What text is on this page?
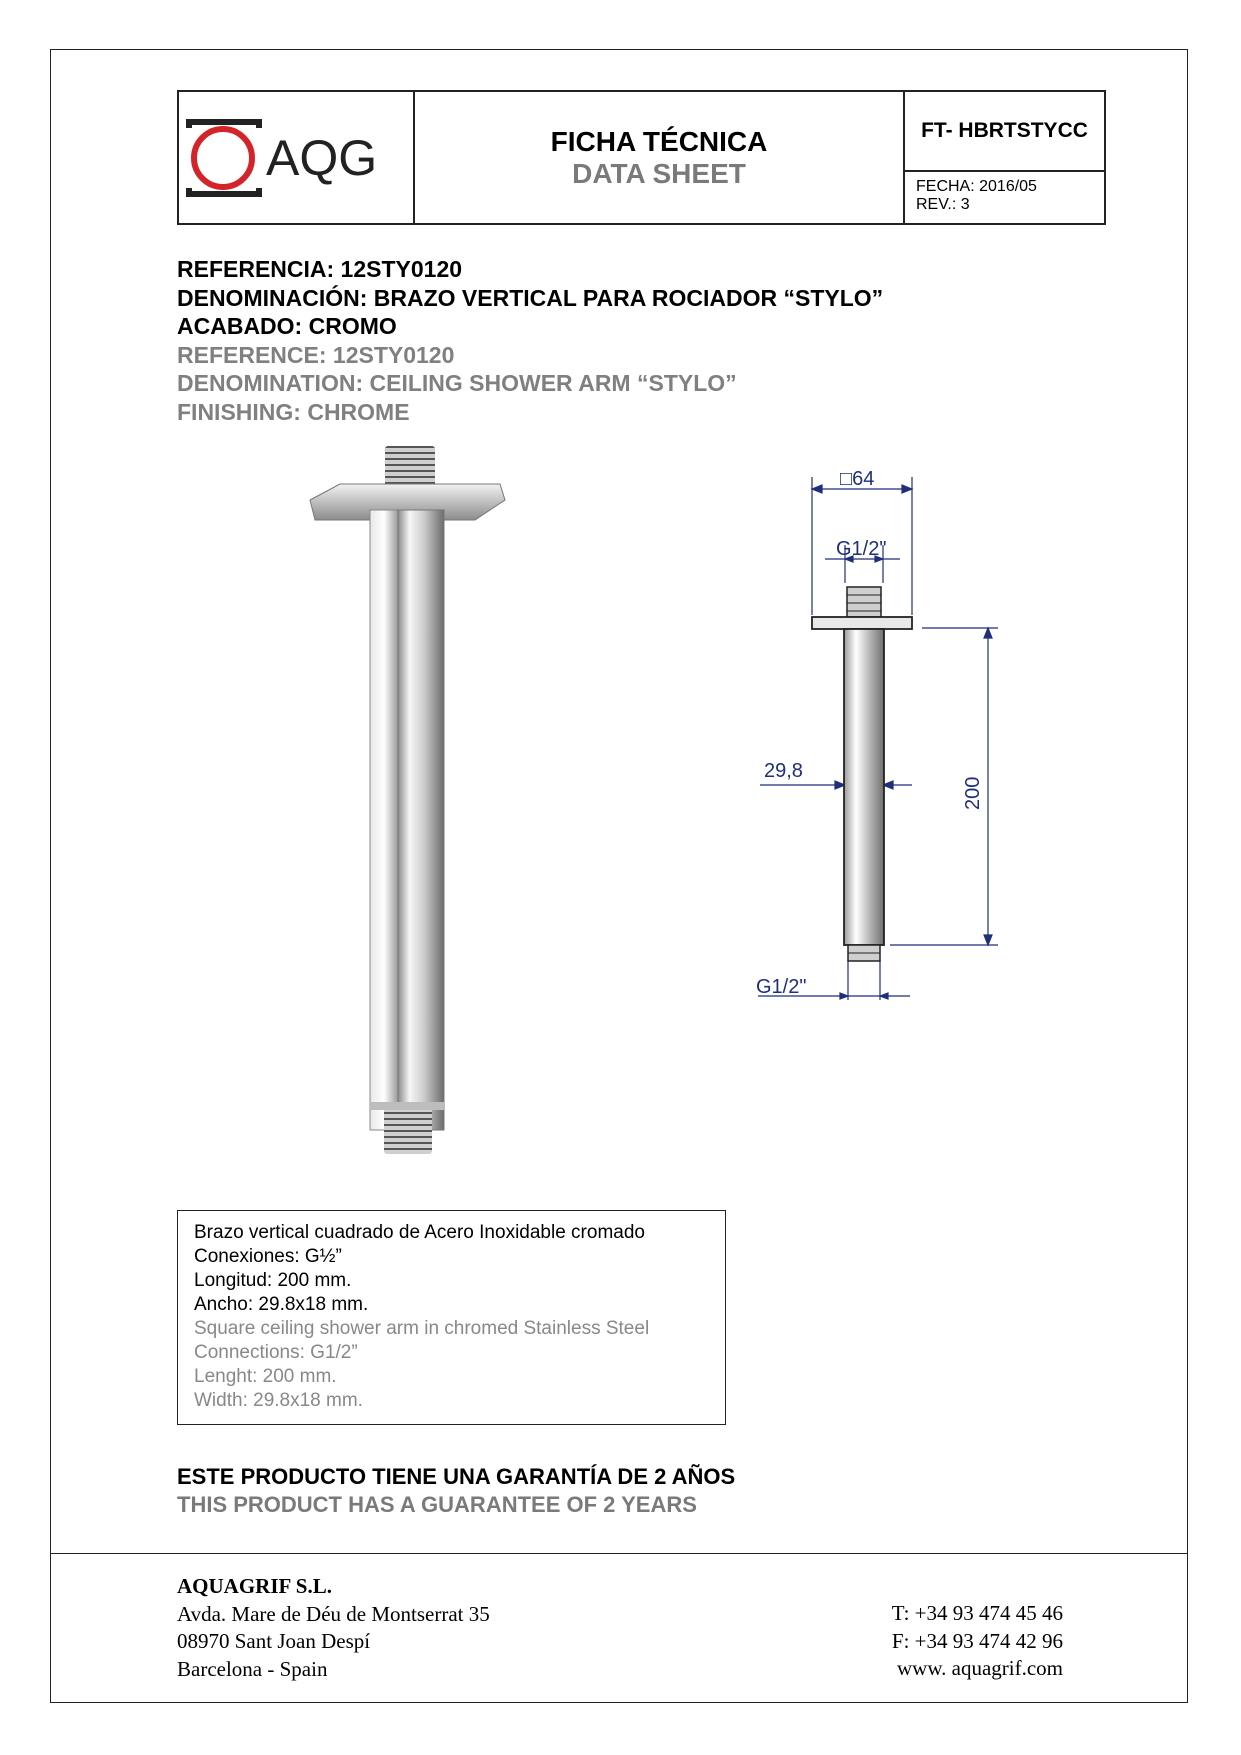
AQG	FICHA TÉCNICA
DATA SHEET
FT- HBRTSTYCC
FECHA: 2016/05
REV.: 3
REFERENCIA: 12STY0120
DENOMINACIÓN: BRAZO VERTICAL PARA ROCIADOR “STYLO”
ACABADO: CROMO
REFERENCE: 12STY0120
DENOMINATION: CEILING SHOWER ARM “STYLO”
FINISHING: CHROME
□64
G1/2"
29,8
200
G1/2"
Brazo vertical cuadrado de Acero Inoxidable cromado
Conexiones: G½”
Longitud: 200 mm.
Ancho: 29.8x18 mm.
Square ceiling shower arm in chromed Stainless Steel
Connections: G1/2”
Lenght: 200 mm.
Width: 29.8x18 mm.
ESTE PRODUCTO TIENE UNA GARANTÍA DE 2 AÑOS
THIS PRODUCT HAS A GUARANTEE OF 2 YEARS
AQUAGRIF S.L.
Avda. Mare de Déu de Montserrat 35
08970 Sant Joan Despí
Barcelona - Spain
T: +34 93 474 45 46
F: +34 93 474 42 96
www. aquagrif.com
